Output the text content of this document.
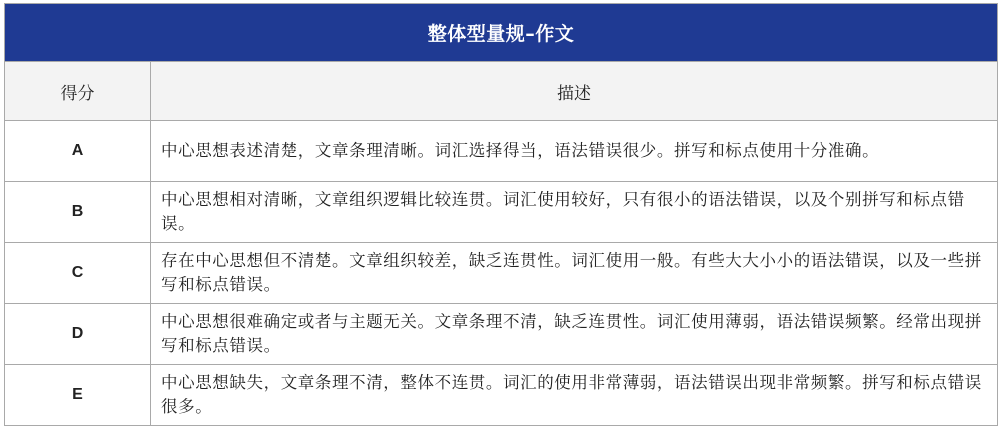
整体型量规–作文	
得分	描述
A	中心思想表述清楚，文章条理清晰。词汇选择得当，语法错误很少。拼写和标点使用十分准确。
B	中心思想相对清晰，文章组织逻辑比较连贯。词汇使用较好，只有很小的语法错误，以及个别拼写和标点错误。
C	存在中心思想但不清楚。文章组织较差，缺乏连贯性。词汇使用一般。有些大大小小的语法错误，以及一些拼写和标点错误。
D	中心思想很难确定或者与主题无关。文章条理不清，缺乏连贯性。词汇使用薄弱，语法错误频繁。经常出现拼写和标点错误。
E	中心思想缺失，文章条理不清，整体不连贯。词汇的使用非常薄弱，语法错误出现非常频繁。拼写和标点错误很多。
